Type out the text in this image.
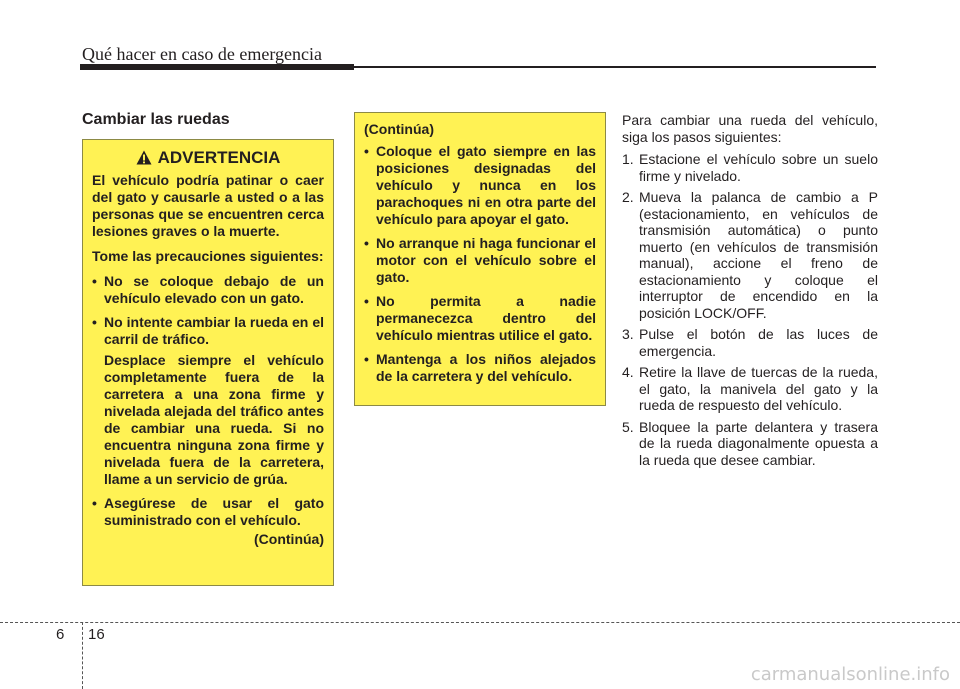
Qué hacer en caso de emergencia
Cambiar las ruedas
ADVERTENCIA

El vehículo podría patinar o caer del gato y causarle a usted o a las personas que se encuentren cerca lesiones graves o la muerte.

Tome las precauciones siguientes:

• No se coloque debajo de un vehículo elevado con un gato.
• No intente cambiar la rueda en el carril de tráfico.

Desplace siempre el vehículo completamente fuera de la carretera a una zona firme y nivelada alejada del tráfico antes de cambiar una rueda. Si no encuentra ninguna zona firme y nivelada fuera de la carretera, llame a un servicio de grúa.

• Asegúrese de usar el gato suministrado con el vehículo.
(Continúa)
(Continúa)
• Coloque el gato siempre en las posiciones designadas del vehículo y nunca en los parachoques ni en otra parte del vehículo para apoyar el gato.
• No arranque ni haga funcionar el motor con el vehículo sobre el gato.
• No permita a nadie permanecezca dentro del vehículo mientras utilice el gato.
• Mantenga a los niños alejados de la carretera y del vehículo.

Para cambiar una rueda del vehículo, siga los pasos siguientes:

1. Estacione el vehículo sobre un suelo firme y nivelado.
2. Mueva la palanca de cambio a P (estacionamiento, en vehículos de transmisión automática) o punto muerto (en vehículos de transmisión manual), accione el freno de estacionamiento y coloque el interruptor de encendido en la posición LOCK/OFF.
3. Pulse el botón de las luces de emergencia.
4. Retire la llave de tuercas de la rueda, el gato, la manivela del gato y la rueda de respuesto del vehículo.
5. Bloquee la parte delantera y trasera de la rueda diagonalmente opuesta a la rueda que desee cambiar.
6 16
carmanualsonline.info
